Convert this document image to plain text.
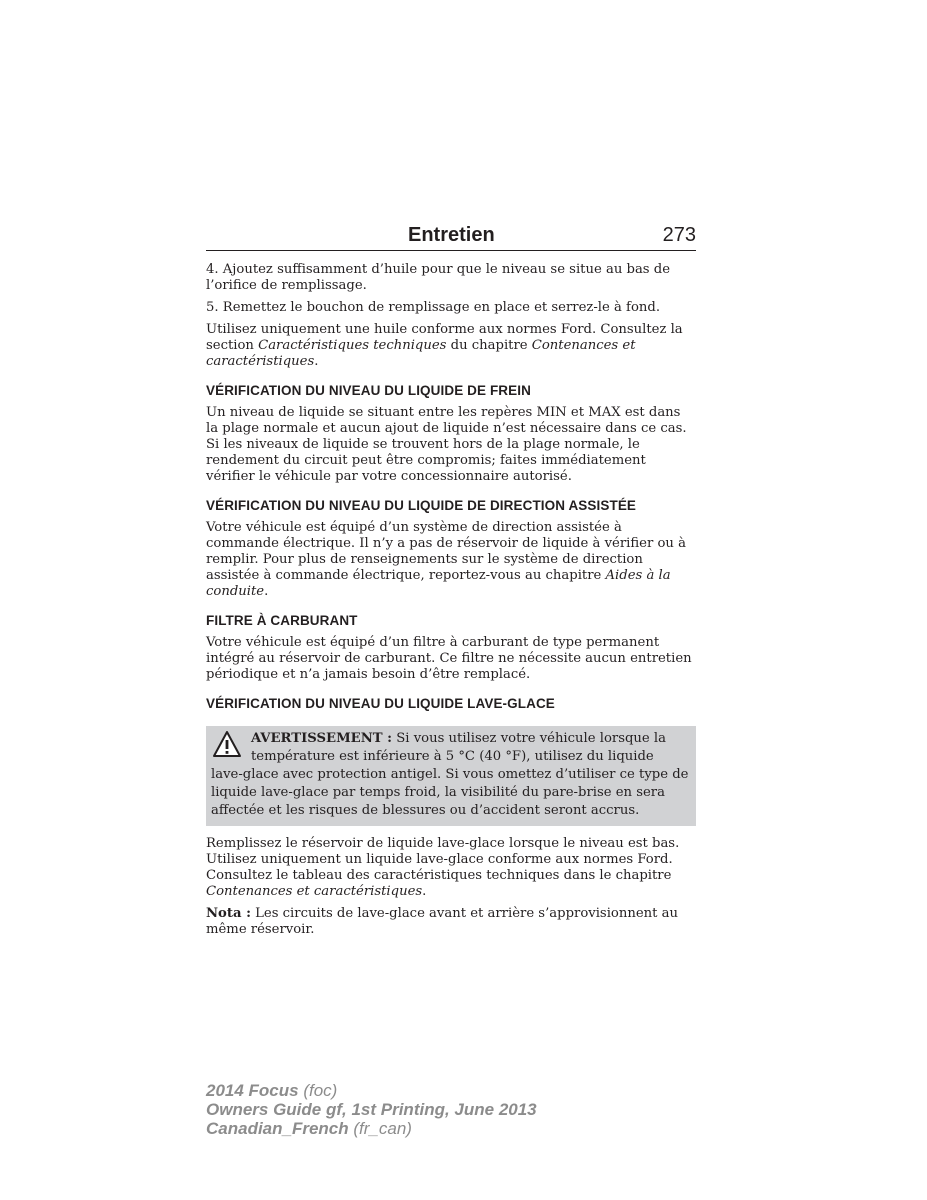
Entretien	273

4. Ajoutez suffisamment d’huile pour que le niveau se situe au bas de l’orifice de remplissage.

5. Remettez le bouchon de remplissage en place et serrez-le à fond.

Utilisez uniquement une huile conforme aux normes Ford. Consultez la section Caractéristiques techniques du chapitre Contenances et caractéristiques.

VÉRIFICATION DU NIVEAU DU LIQUIDE DE FREIN

Un niveau de liquide se situant entre les repères MIN et MAX est dans la plage normale et aucun ajout de liquide n’est nécessaire dans ce cas. Si les niveaux de liquide se trouvent hors de la plage normale, le rendement du circuit peut être compromis; faites immédiatement vérifier le véhicule par votre concessionnaire autorisé.

VÉRIFICATION DU NIVEAU DU LIQUIDE DE DIRECTION ASSISTÉE

Votre véhicule est équipé d’un système de direction assistée à commande électrique. Il n’y a pas de réservoir de liquide à vérifier ou à remplir. Pour plus de renseignements sur le système de direction assistée à commande électrique, reportez-vous au chapitre Aides à la conduite.

FILTRE À CARBURANT

Votre véhicule est équipé d’un filtre à carburant de type permanent intégré au réservoir de carburant. Ce filtre ne nécessite aucun entretien périodique et n’a jamais besoin d’être remplacé.

VÉRIFICATION DU NIVEAU DU LIQUIDE LAVE-GLACE
AVERTISSEMENT : Si vous utilisez votre véhicule lorsque la
température est inférieure à 5 °C (40 °F), utilisez du liquide
lave-glace avec protection antigel. Si vous omettez d’utiliser ce type de liquide lave-glace par temps froid, la visibilité du pare-brise en sera affectée et les risques de blessures ou d’accident seront accrus.

Remplissez le réservoir de liquide lave-glace lorsque le niveau est bas. Utilisez uniquement un liquide lave-glace conforme aux normes Ford. Consultez le tableau des caractéristiques techniques dans le chapitre Contenances et caractéristiques.

Nota : Les circuits de lave-glace avant et arrière s’approvisionnent au même réservoir.

2014 Focus (foc)
Owners Guide gf, 1st Printing, June 2013
Canadian_French (fr_can)
